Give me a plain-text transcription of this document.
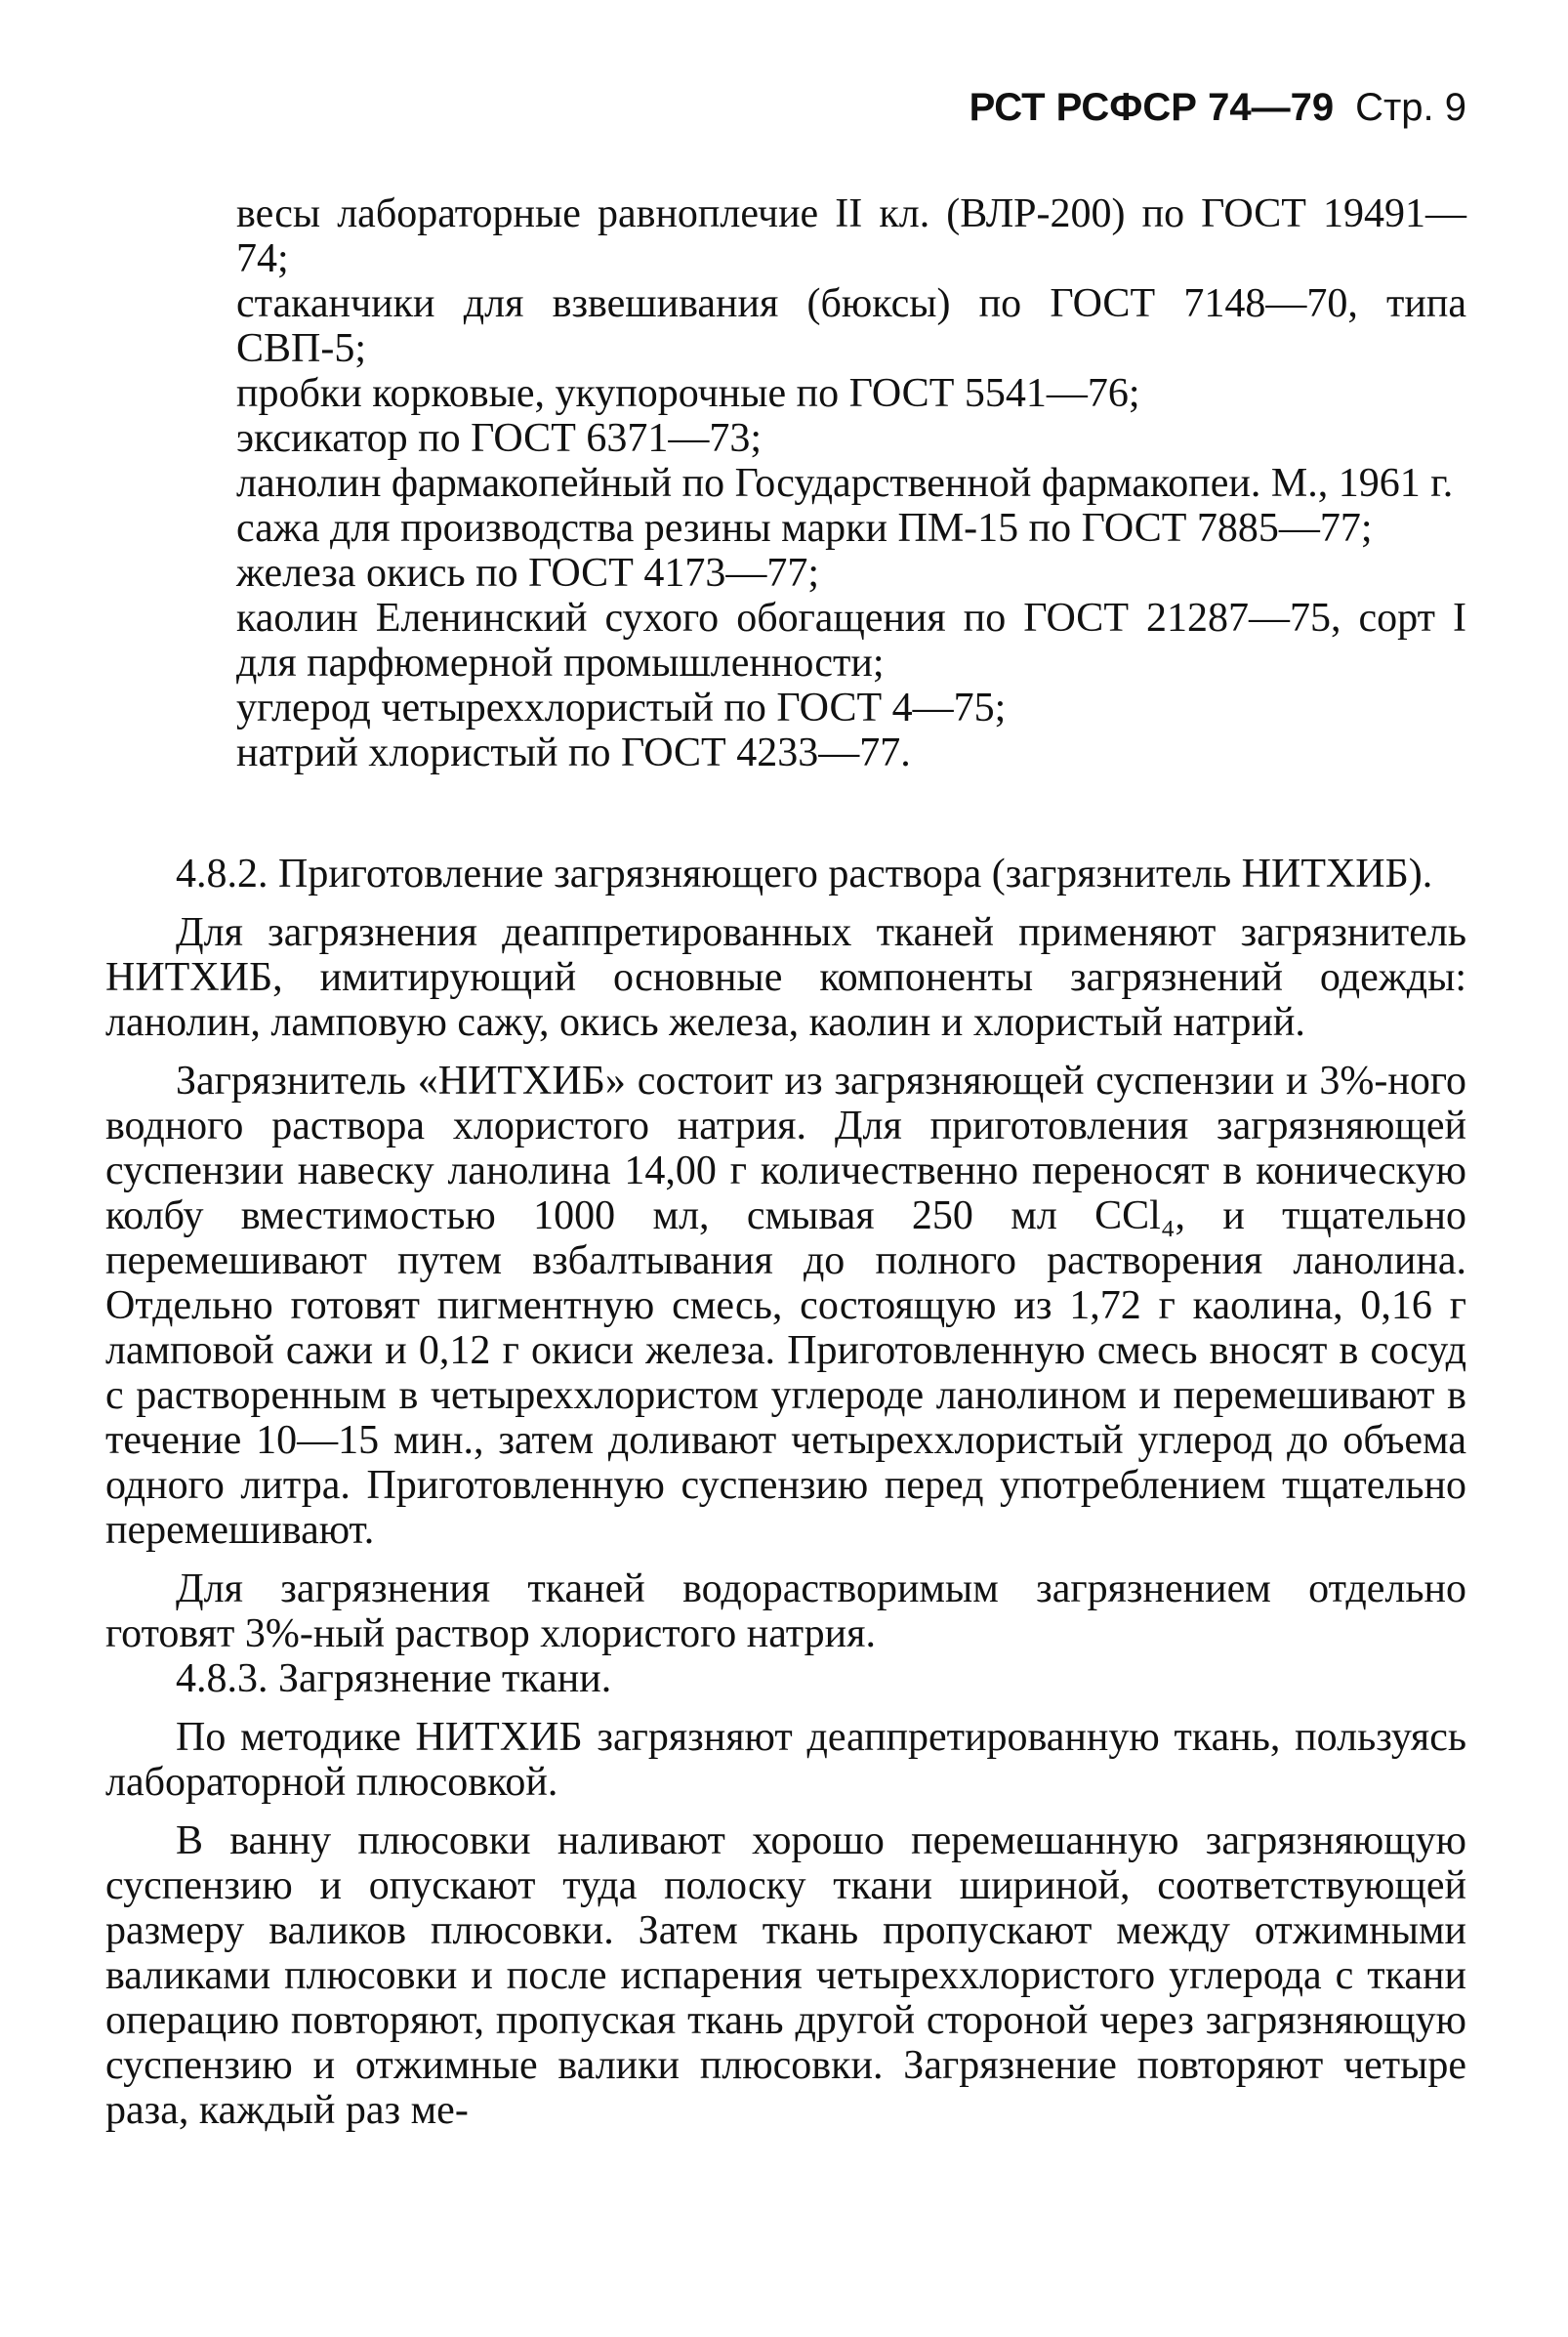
РСТ РСФСР 74—79 Стр. 9
весы лабораторные равноплечие II кл. (ВЛР-200) по ГОСТ 19491—74;
стаканчики для взвешивания (бюксы) по ГОСТ 7148—70, типа СВП-5;
пробки корковые, укупорочные по ГОСТ 5541—76;
эксикатор по ГОСТ 6371—73;
ланолин фармакопейный по Государственной фармакопеи. М., 1961 г.
сажа для производства резины марки ПМ-15 по ГОСТ 7885—77;
железа окись по ГОСТ 4173—77;
каолин Еленинский сухого обогащения по ГОСТ 21287—75, сорт I для парфюмерной промышленности;
углерод четыреххлористый по ГОСТ 4—75;
натрий хлористый по ГОСТ 4233—77.

4.8.2. Приготовление загрязняющего раствора (загрязнитель НИТХИБ).

Для загрязнения деаппретированных тканей применяют загрязнитель НИТХИБ, имитирующий основные компоненты загрязнений одежды: ланолин, ламповую сажу, окись железа, каолин и хлористый натрий.

Загрязнитель «НИТХИБ» состоит из загрязняющей суспензии и 3%-ного водного раствора хлористого натрия. Для приготовления загрязняющей суспензии навеску ланолина 14,00 г количественно переносят в коническую колбу вместимостью 1000 мл, смывая 250 мл CCl₄, и тщательно перемешивают путем взбалтывания до полного растворения ланолина. Отдельно готовят пигментную смесь, состоящую из 1,72 г каолина, 0,16 г ламповой сажи и 0,12 г окиси железа. Приготовленную смесь вносят в сосуд с растворенным в четыреххлористом углероде ланолином и перемешивают в течение 10—15 мин., затем доливают четыреххлористый углерод до объема одного литра. Приготовленную суспензию перед употреблением тщательно перемешивают.

Для загрязнения тканей водорастворимым загрязнением отдельно готовят 3%-ный раствор хлористого натрия.

4.8.3. Загрязнение ткани.

По методике НИТХИБ загрязняют деаппретированную ткань, пользуясь лабораторной плюсовкой.

В ванну плюсовки наливают хорошо перемешанную загрязняющую суспензию и опускают туда полоску ткани шириной, соответствующей размеру валиков плюсовки. Затем ткань пропускают между отжимными валиками плюсовки и после испарения четыреххлористого углерода с ткани операцию повторяют, пропуская ткань другой стороной через загрязняющую суспензию и отжимные валики плюсовки. Загрязнение повторяют четыре раза, каждый раз ме-
